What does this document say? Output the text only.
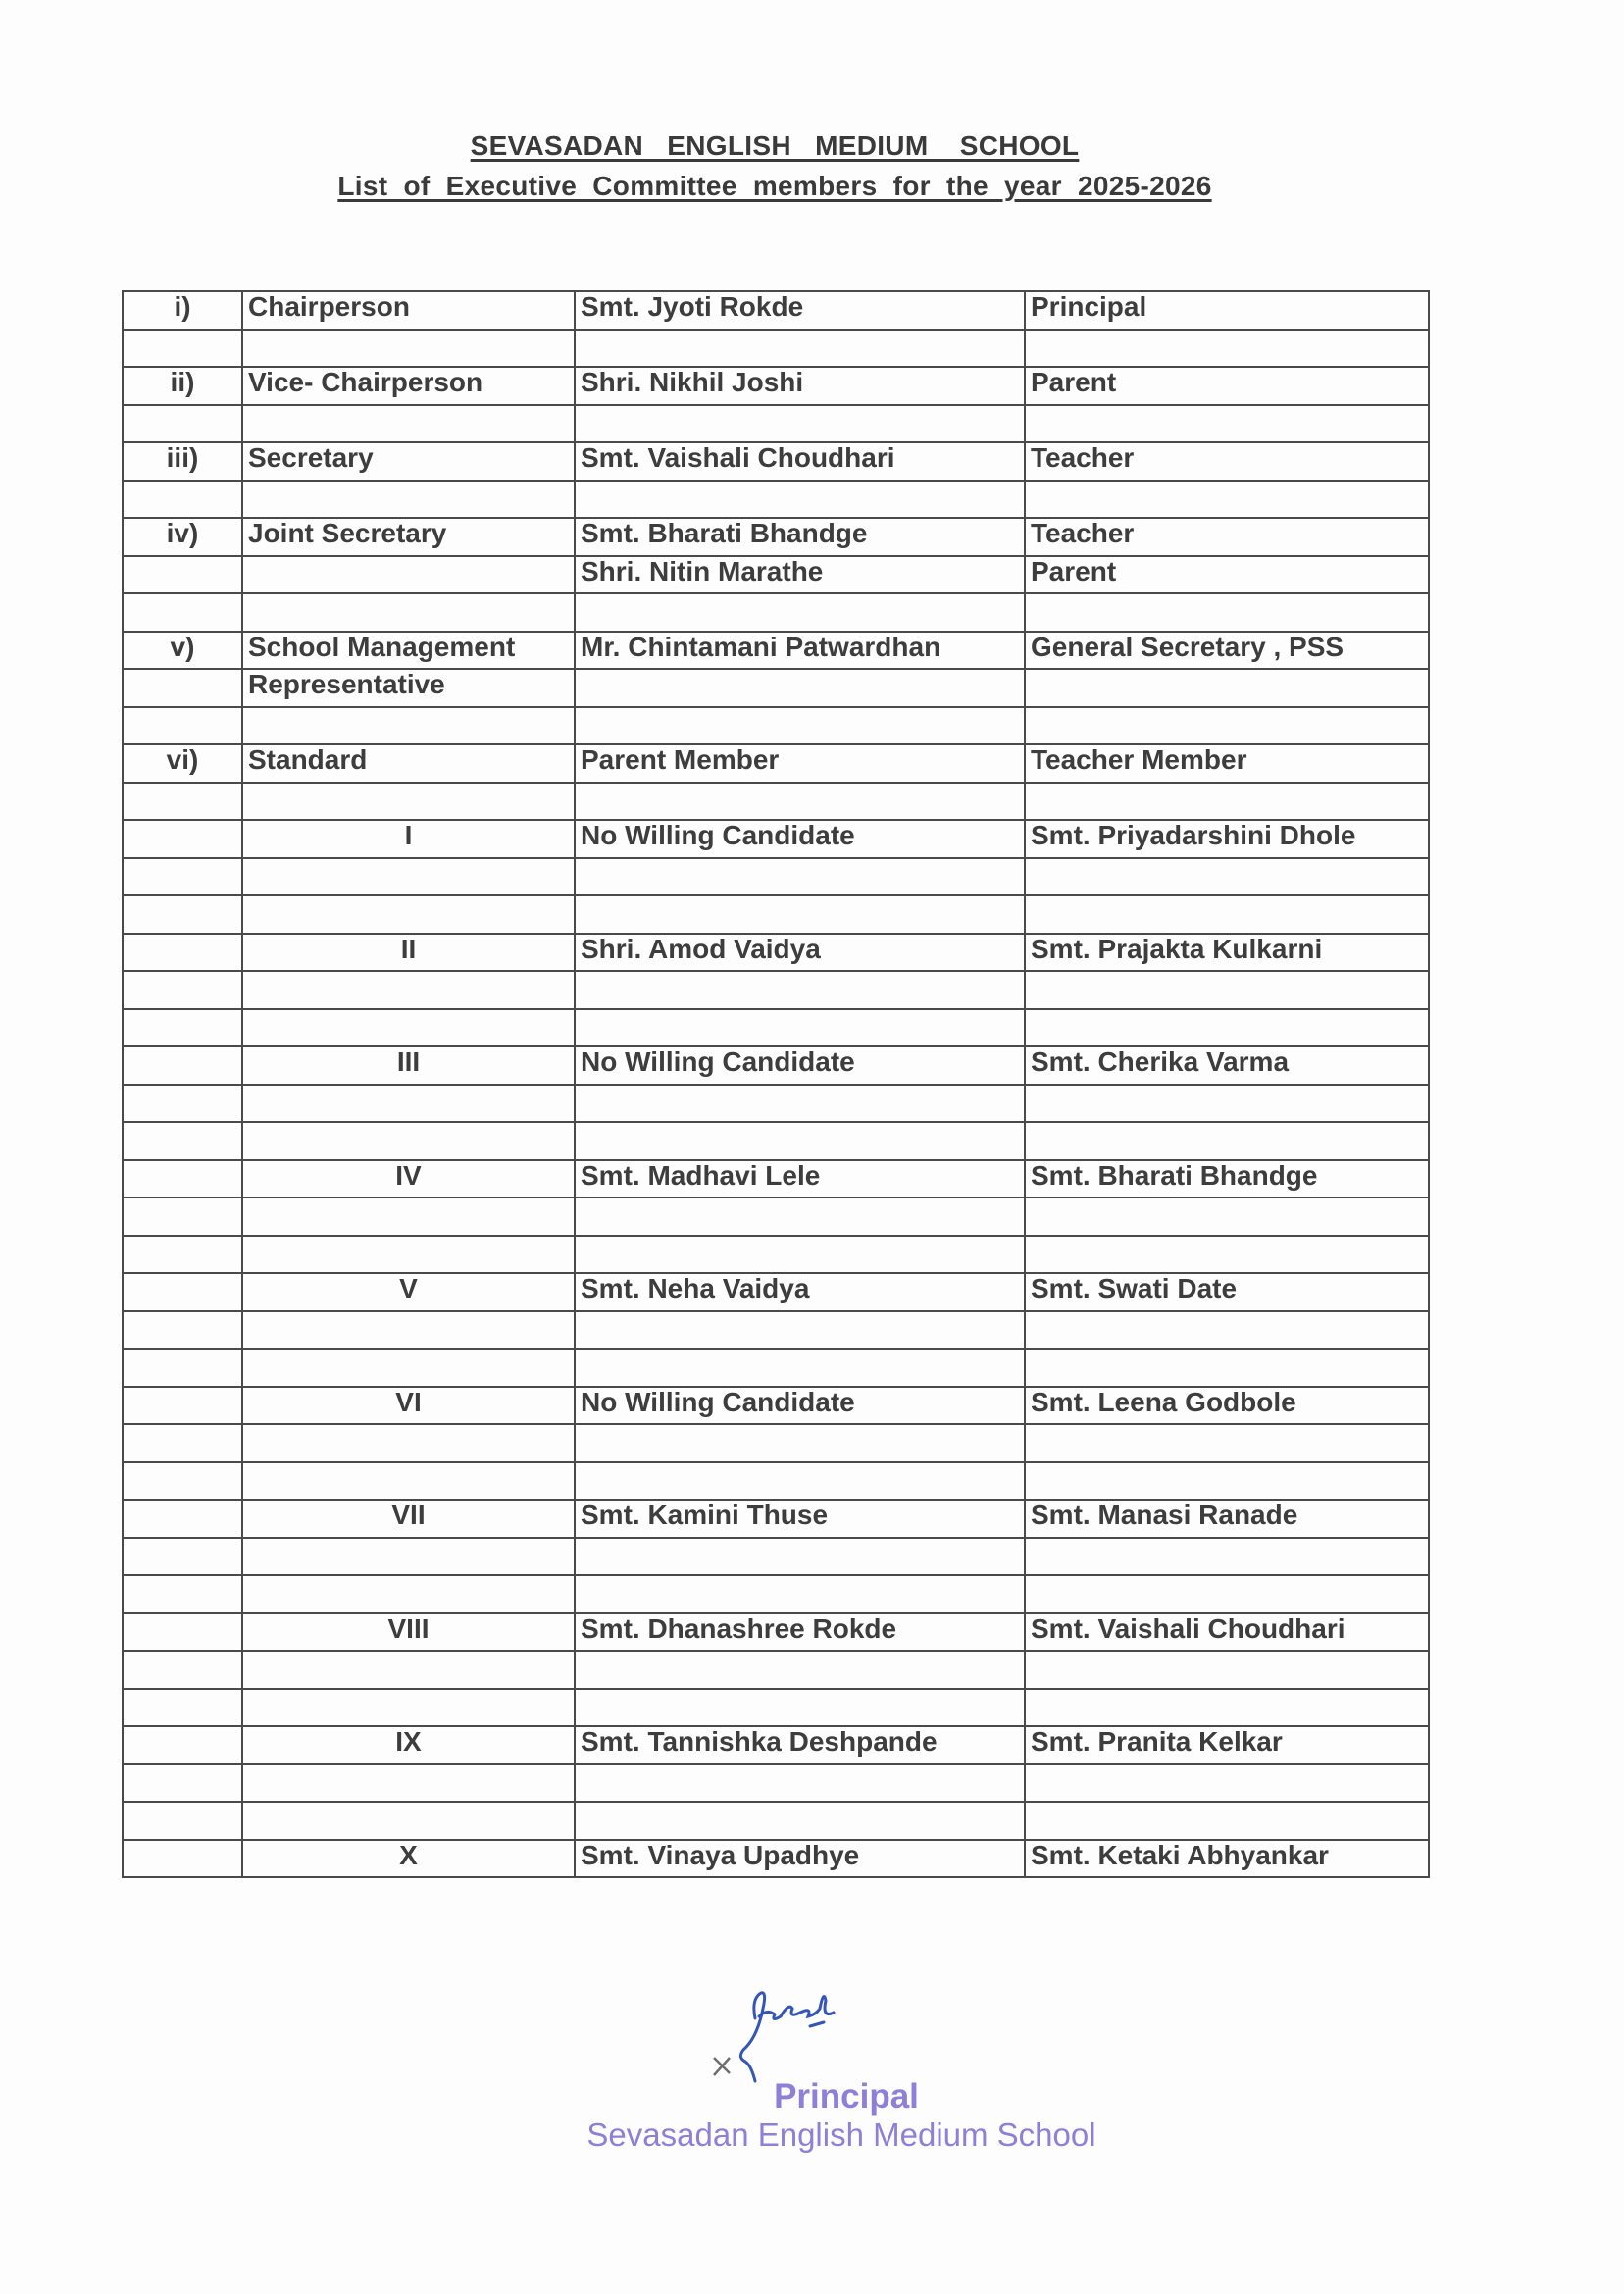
SEVASADAN   ENGLISH   MEDIUM    SCHOOL
List  of  Executive  Committee  members  for  the  year  2025-2026
i)	Chairperson	Smt. Jyoti Rokde	Principal

ii)	Vice- Chairperson	Shri. Nikhil Joshi	Parent

iii)	Secretary	Smt. Vaishali Choudhari	Teacher

iv)	Joint Secretary	Smt. Bharati Bhandge	Teacher
		Shri. Nitin Marathe	Parent

v)	School Management	Mr. Chintamani Patwardhan	General Secretary , PSS
	Representative		

vi)	Standard	Parent Member	Teacher Member

	I	No Willing Candidate	Smt. Priyadarshini Dhole

	II	Shri. Amod Vaidya	Smt. Prajakta Kulkarni

	III	No Willing Candidate	Smt. Cherika Varma

	IV	Smt. Madhavi Lele	Smt. Bharati Bhandge

	V	Smt. Neha Vaidya	Smt. Swati Date

	VI	No Willing Candidate	Smt. Leena Godbole

	VII	Smt. Kamini Thuse	Smt. Manasi Ranade

	VIII	Smt. Dhanashree Rokde	Smt. Vaishali Choudhari

	IX	Smt. Tannishka Deshpande	Smt. Pranita Kelkar

	X	Smt. Vinaya Upadhye	Smt. Ketaki Abhyankar
Principal
Sevasadan English Medium School
